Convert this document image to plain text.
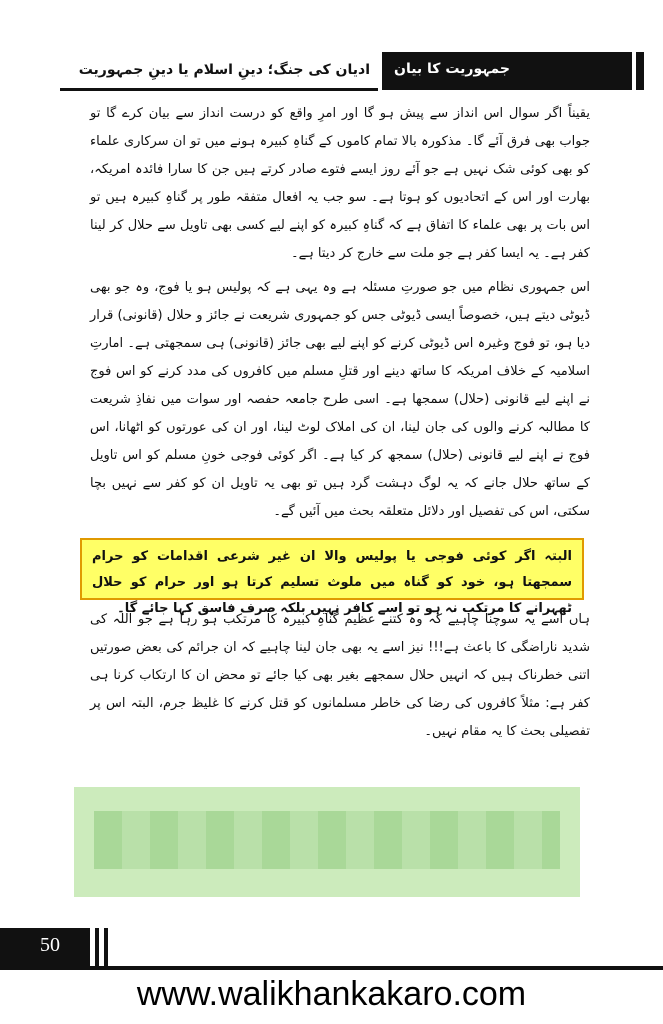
ادیان کی جنگ؛ دینِ اسلام یا دینِ جمہوریت جمہوریت کا بیان

یقیناً اگر سوال اس انداز سے پیش ہو گا اور امرِ واقع کو درست انداز سے بیان کرے گا تو جواب بھی فرق آئے گا۔ مذکورہ بالا تمام کاموں کے گناہِ کبیرہ ہونے میں تو ان سرکاری علماء کو بھی کوئی شک نہیں ہے جو آئے روز ایسے فتوے صادر کرتے ہیں جن کا سارا فائدہ امریکہ، بھارت اور اس کے اتحادیوں کو ہوتا ہے۔ سو جب یہ افعال متفقہ طور پر گناہِ کبیرہ ہیں تو اس بات پر بھی علماء کا اتفاق ہے کہ گناہِ کبیرہ کو اپنے لیے کسی بھی تاویل سے حلال کر لینا کفر ہے۔ یہ ایسا کفر ہے جو ملت سے خارج کر دیتا ہے۔

اس جمہوری نظام میں جو صورتِ مسئلہ ہے وہ یہی ہے کہ پولیس ہو یا فوج، وہ جو بھی ڈیوٹی دیتے ہیں، خصوصاً ایسی ڈیوٹی جس کو جمہوری شریعت نے جائز و حلال (قانونی) قرار دیا ہو، تو فوج وغیرہ اس ڈیوٹی کرنے کو اپنے لیے بھی جائز (قانونی) ہی سمجھتی ہے۔ امارتِ اسلامیہ کے خلاف امریکہ کا ساتھ دینے اور قتلِ مسلم میں کافروں کی مدد کرنے کو اس فوج نے اپنے لیے قانونی (حلال) سمجھا ہے۔ اسی طرح جامعہ حفصہ اور سوات میں نفاذِ شریعت کا مطالبہ کرنے والوں کی جان لینا، ان کی املاک لوٹ لینا، اور ان کی عورتوں کو اٹھانا، اس فوج نے اپنے لیے قانونی (حلال) سمجھ کر کیا ہے۔ اگر کوئی فوجی خونِ مسلم کو اس تاویل کے ساتھ حلال جانے کہ یہ لوگ دہشت گرد ہیں تو بھی یہ تاویل ان کو کفر سے نہیں بچا سکتی، اس کی تفصیل اور دلائل متعلقہ بحث میں آئیں گے۔

البتہ اگر کوئی فوجی یا پولیس والا ان غیر شرعی اقدامات کو حرام سمجھتا ہو، خود کو گناہ میں ملوث تسلیم کرتا ہو اور حرام کو حلال ٹھہرانے کا مرتکب نہ ہو تو اسے کافر نہیں بلکہ صرف فاسق کہا جائے گا۔

ہاں اسے یہ سوچنا چاہیے کہ وہ کتنے عظیم گناہِ کبیرہ کا مرتکب ہو رہا ہے جو اللہ کی شدید ناراضگی کا باعث ہے!!! نیز اسے یہ بھی جان لینا چاہیے کہ ان جرائم کی بعض صورتیں اتنی خطرناک ہیں کہ انہیں حلال سمجھے بغیر بھی کیا جائے تو محض ان کا ارتکاب کرنا ہی کفر ہے: مثلاً کافروں کی رضا کی خاطر مسلمانوں کو قتل کرنے کا غلیظ جرم، البتہ اس پر تفصیلی بحث کا یہ مقام نہیں۔

50
www.walikhankakaro.com
